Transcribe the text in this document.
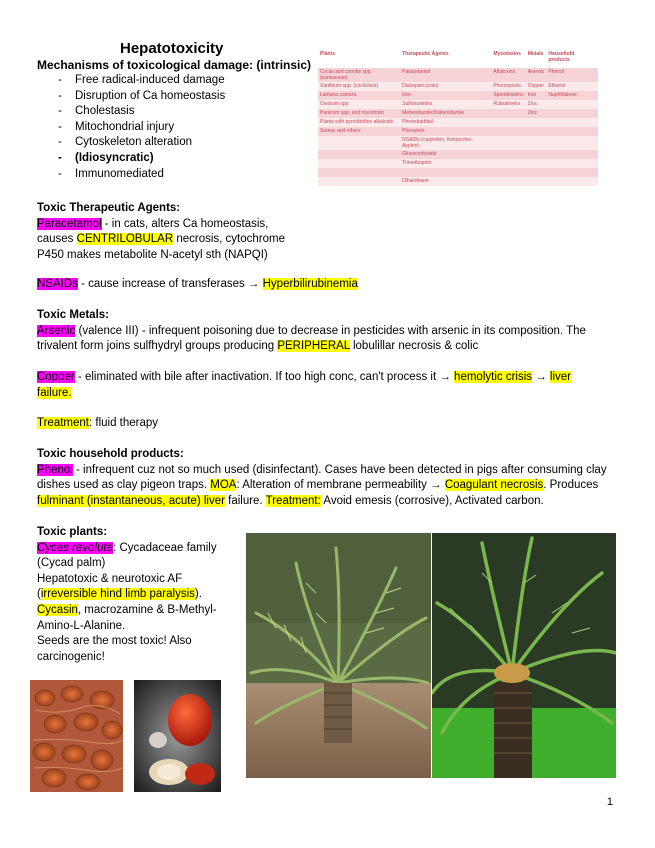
Hepatotoxicity
Mechanisms of toxicological damage: (intrinsic)
- Free radical-induced damage
- Disruption of Ca homeostasis
- Cholestasis
- Mitochondrial injury
- Cytoskeleton alteration
- (Idiosyncratic)
- Immunomediated
Plants	Therapeutic Agents	Mycotoxins	Metals	Household products
Cycas and coontie spp. (zamiaceae)	Paracetamol	Aflatoxins	Arsenic	Phenol
Xanthium spp. (cocklebur)	Diazepam (cats)	Phomopsins	Copper	Ethanol
Lantana camara	Iron	Sporidesmins	Iron	Naphthalene
Cestrum spp.	Sulfonamides	Rubratoxins	Zinc	
Panicum spp. and mycotoxin	Mebendazole/Oxibendazole		Zinc	
Plants with pyrrolizidine alkaloids	Phenobarbital			
Sumac and others	Phenytoin			
	NSAIDs (carprofen, Ketoprofen, Aspirin)			
	Glucocorticoids			
	Trimethoprim			

	Dihalothane			
Toxic Therapeutic Agents:
Paracetamol - in cats, alters Ca homeostasis, causes CENTRILOBULAR necrosis, cytochrome P450 makes metabolite N-acetyl sth (NAPQI)
NSAIDs - cause increase of transferases → Hyperbilirubinemia
Toxic Metals:
Arsenic (valence III) - infrequent poisoning due to decrease in pesticides with arsenic in its composition. The trivalent form joins sulfhydryl groups producing PERIPHERAL lobulillar necrosis & colic
Copper - eliminated with bile after inactivation. If too high conc, can't process it → hemolytic crisis → liver failure.
Treatment: fluid therapy
Toxic household products:
Phenol - infrequent cuz not so much used (disinfectant). Cases have been detected in pigs after consuming clay dishes used as clay pigeon traps. MOA: Alteration of membrane permeability → Coagulant necrosis. Produces fulminant (instantaneous, acute) liver failure. Treatment: Avoid emesis (corrosive), Activated carbon.
Toxic plants:
Cycas revoluta: Cycadaceae family (Cycad palm)
Hepatotoxic & neurotoxic AF (irreversible hind limb paralysis).
Cycasin, macrozamine & B-Methyl-Amino-L-Alanine.
Seeds are the most toxic! Also carcinogenic!
1
